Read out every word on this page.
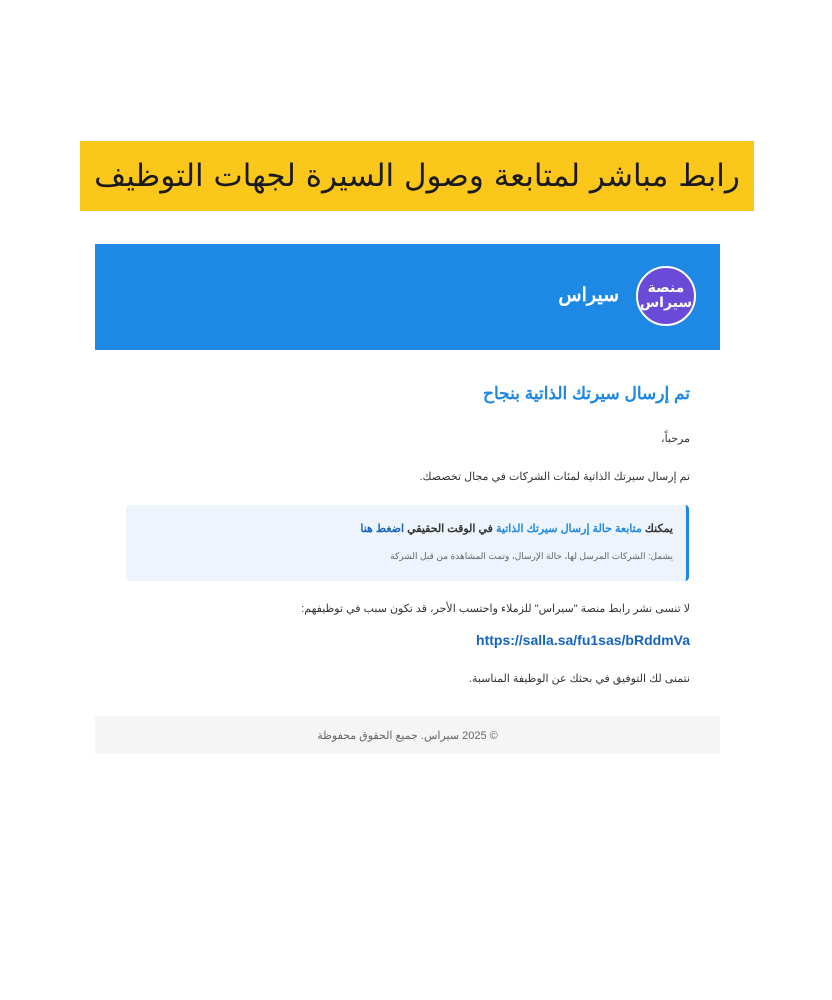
رابط مباشر لمتابعة وصول السيرة لجهات التوظيف
منصة
سيراس
سيراس
تم إرسال سيرتك الذاتية بنجاح
مرحباً،
تم إرسال سيرتك الذاتية لمئات الشركات في مجال تخصصك.
يمكنك متابعة حالة إرسال سيرتك الذاتية في الوقت الحقيقي اضغط هنا
يشمل: الشركات المرسل لها، حالة الإرسال، وتمت المشاهدة من قبل الشركة
لا تنسى نشر رابط منصة "سيراس" للزملاء واحتسب الأجر، قد تكون سبب في توظيفهم:
https://salla.sa/fu1sas/bRddmVa
نتمنى لك التوفيق في بحثك عن الوظيفة المناسبة.
© 2025 سيراس. جميع الحقوق محفوظة
